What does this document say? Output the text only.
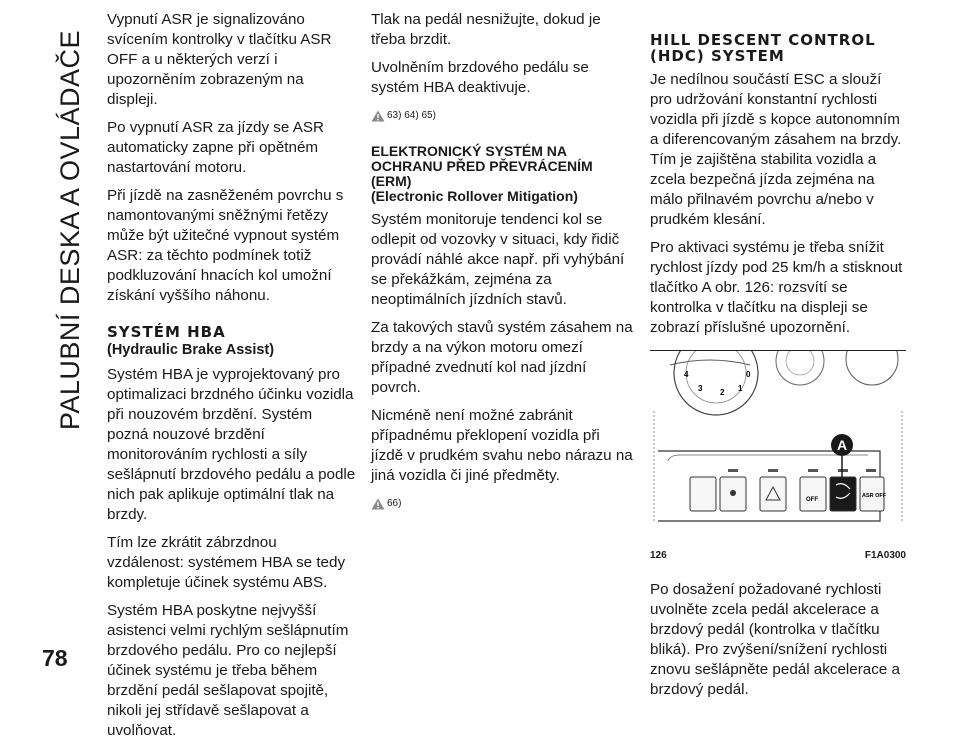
PALUBNÍ DESKA A OVLÁDAČE
78

Vypnutí ASR je signalizováno svícením kontrolky v tlačítku ASR OFF a u některých verzí i upozorněním zobrazeným na displeji.

Po vypnutí ASR za jízdy se ASR automaticky zapne při opětném nastartování motoru.

Při jízdě na zasněženém povrchu s namontovanými sněžnými řetězy může být užitečné vypnout systém ASR: za těchto podmínek totiž podkluzování hnacích kol umožní získání vyššího náhonu.

SYSTÉM HBA
(Hydraulic Brake Assist)

Systém HBA je vyprojektovaný pro optimalizaci brzdného účinku vozidla při nouzovém brzdění. Systém pozná nouzové brzdění monitorováním rychlosti a síly sešlápnutí brzdového pedálu a podle nich pak aplikuje optimální tlak na brzdy.

Tím lze zkrátit zábrzdnou vzdálenost: systémem HBA se tedy kompletuje účinek systému ABS.

Systém HBA poskytne nejvyšší asistenci velmi rychlým sešlápnutím brzdového pedálu. Pro co nejlepší účinek systému je třeba během brzdění pedál sešlapovat spojitě, nikoli jej střídavě sešlapovat a uvolňovat.

Tlak na pedál nesnižujte, dokud je třeba brzdit.

Uvolněním brzdového pedálu se systém HBA deaktivuje.

63) 64) 65)
ELEKTRONICKÝ SYSTÉM NA OCHRANU PŘED PŘEVRÁCENÍM (ERM)
(Electronic Rollover Mitigation)

Systém monitoruje tendenci kol se odlepit od vozovky v situaci, kdy řidič provádí náhlé akce např. při vyhýbání se překážkám, zejména za neoptimálních jízdních stavů.

Za takových stavů systém zásahem na brzdy a na výkon motoru omezí případné zvednutí kol nad jízdní povrch.

Nicméně není možné zabránit případnému překlopení vozidla při jízdě v prudkém svahu nebo nárazu na jiná vozidla či jiné předměty.

66)
HILL DESCENT CONTROL (HDC) SYSTEM

Je nedílnou součástí ESC a slouží pro udržování konstantní rychlosti vozidla při jízdě s kopce autonomním a diferencovaným zásahem na brzdy. Tím je zajištěna stabilita vozidla a zcela bezpečná jízda zejména na málo přilnavém povrchu a/nebo v prudkém klesání.

Pro aktivaci systému je třeba snížit rychlost jízdy pod 25 km/h a stisknout tlačítko A obr. 126: rozsvítí se kontrolka v tlačítku na displeji se zobrazí příslušné upozornění.

4
3 2 1
0
OFF
ASR OFF
A
126	F1A0300

Po dosažení požadované rychlosti uvolněte zcela pedál akcelerace a brzdový pedál (kontrolka v tlačítku bliká). Pro zvýšení/snížení rychlosti znovu sešlápněte pedál akcelerace a brzdový pedál.
